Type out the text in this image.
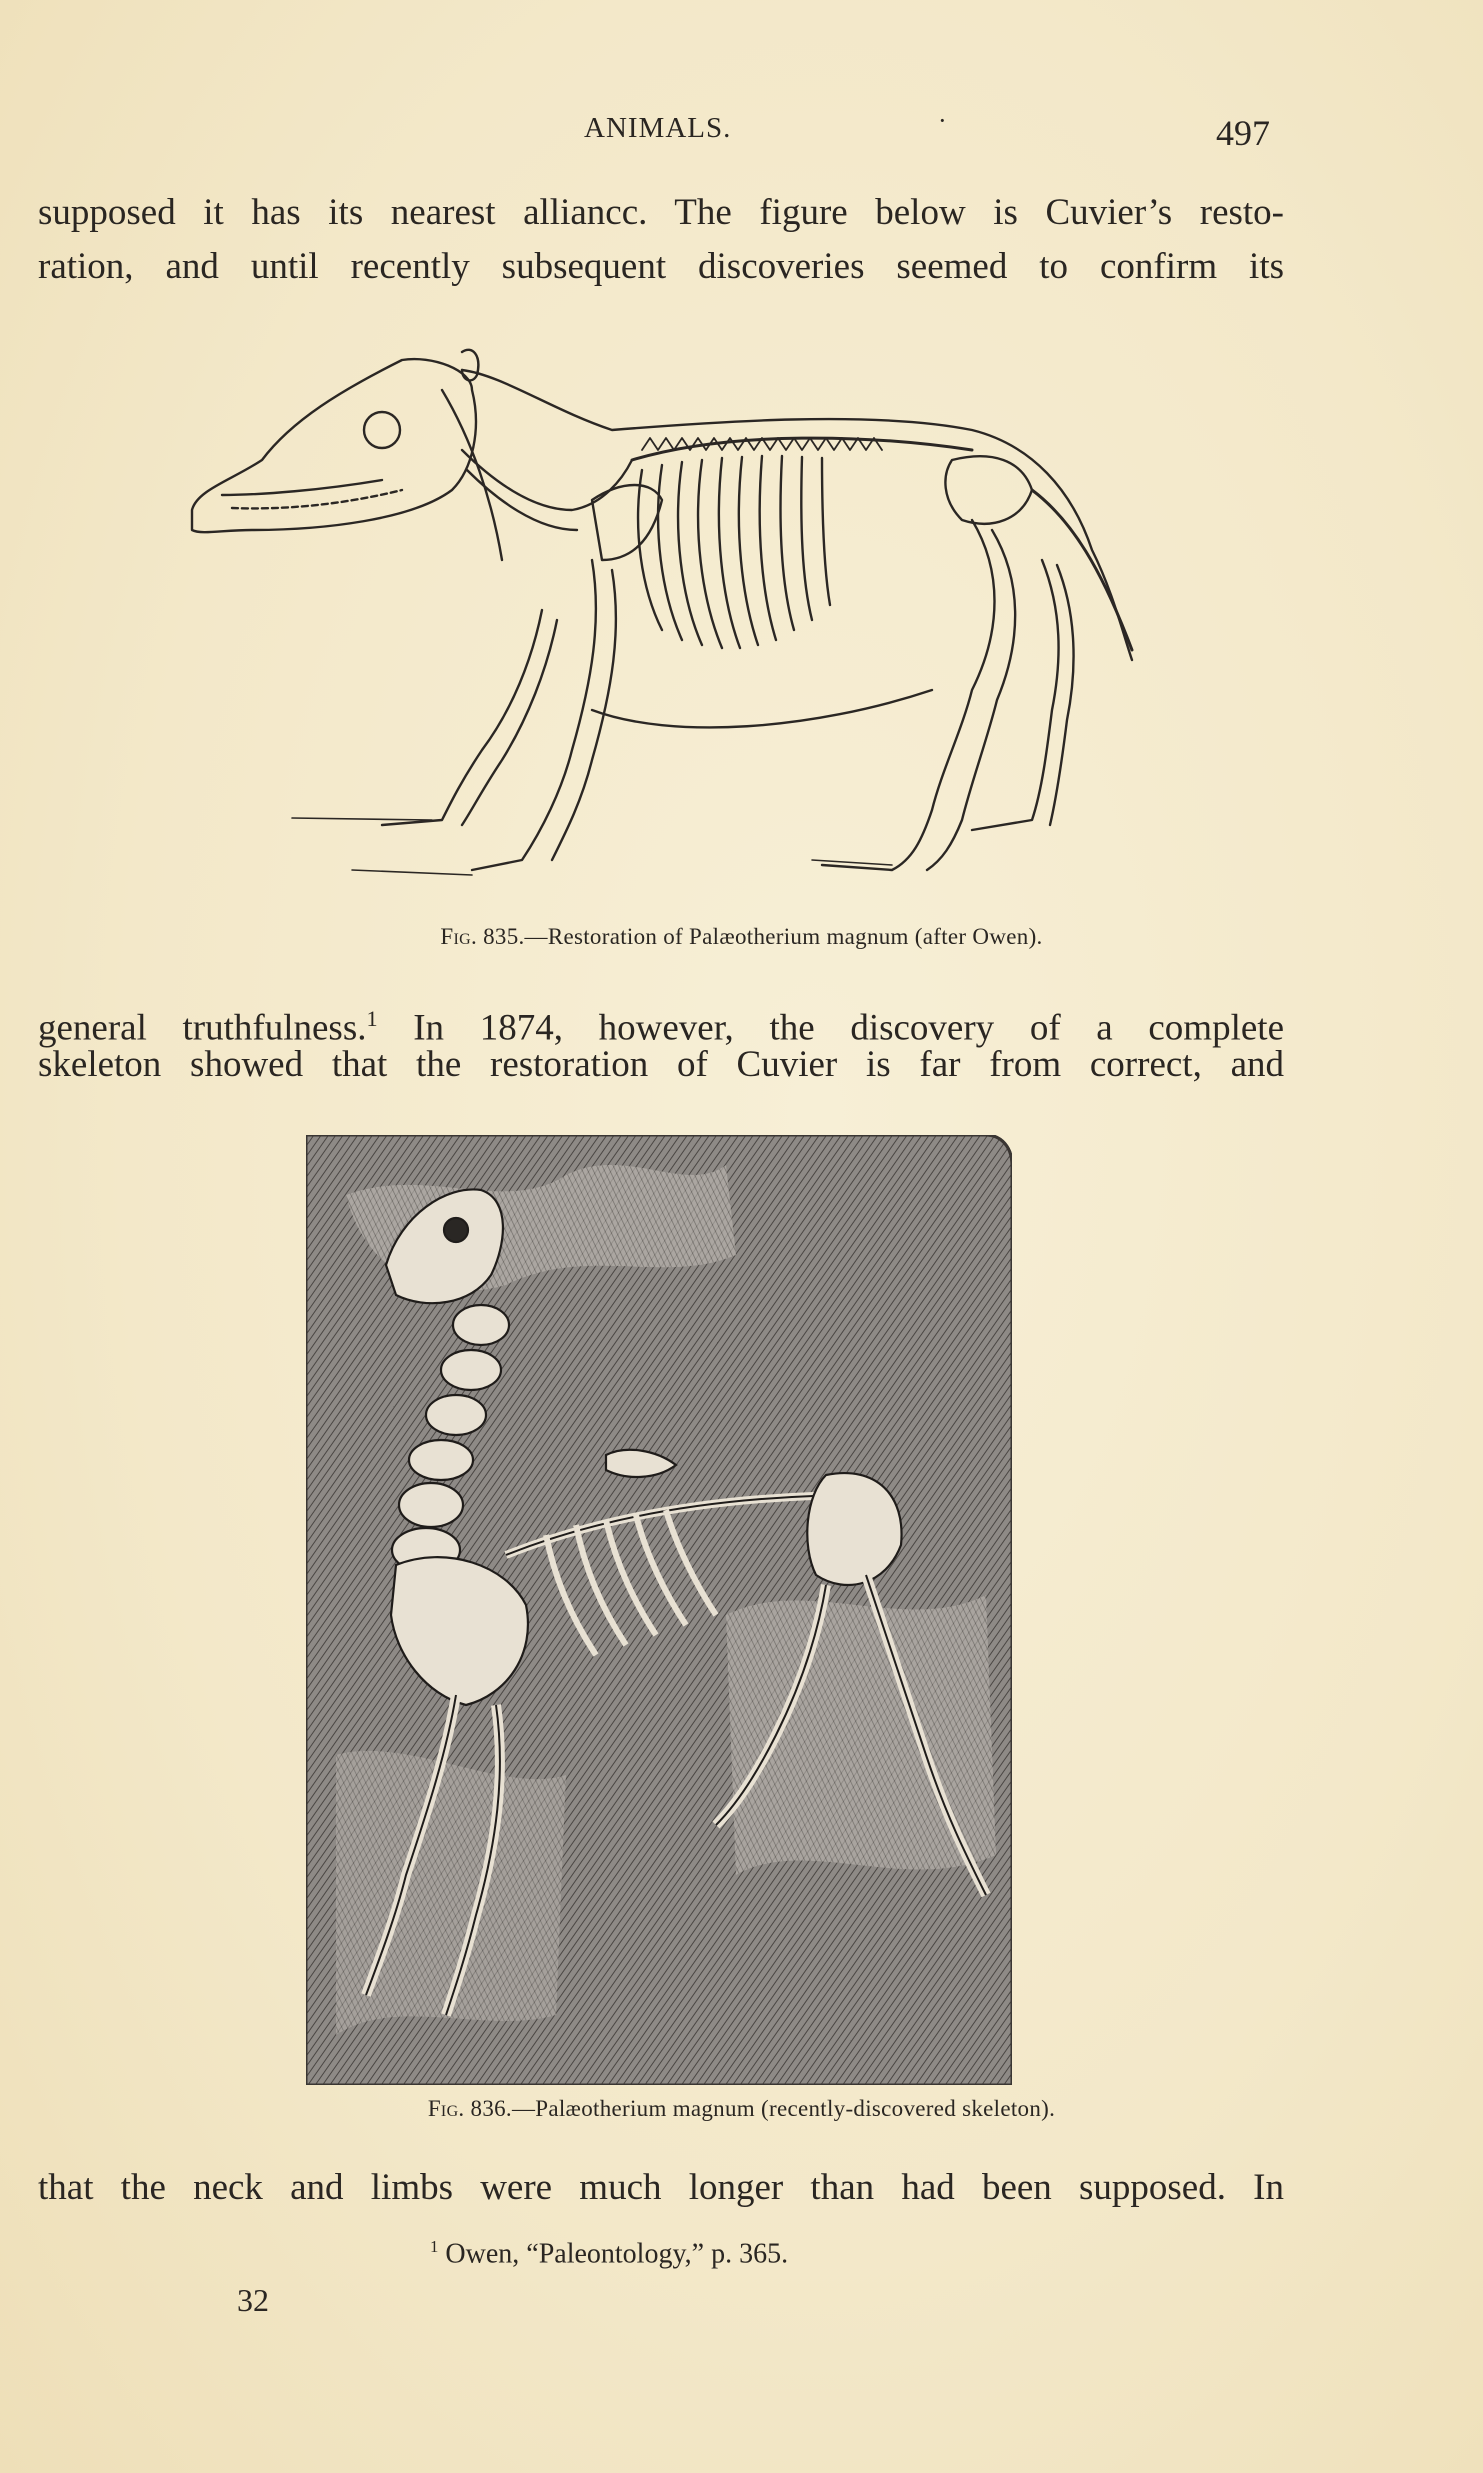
ANIMALS.	·	497
supposed it has its nearest alliancc. The figure below is Cuvier’s resto-
ration, and until recently subsequent discoveries seemed to confirm its
Fig. 835.—Restoration of Palæotherium magnum (after Owen).
general truthfulness.$^1$ In 1874, however, the discovery of a complete
skeleton showed that the restoration of Cuvier is far from correct, and
Fig. 836.—Palæotherium magnum (recently-discovered skeleton).
that the neck and limbs were much longer than had been supposed. In
$^1$ Owen, “Paleontology,” p. 365.
32
